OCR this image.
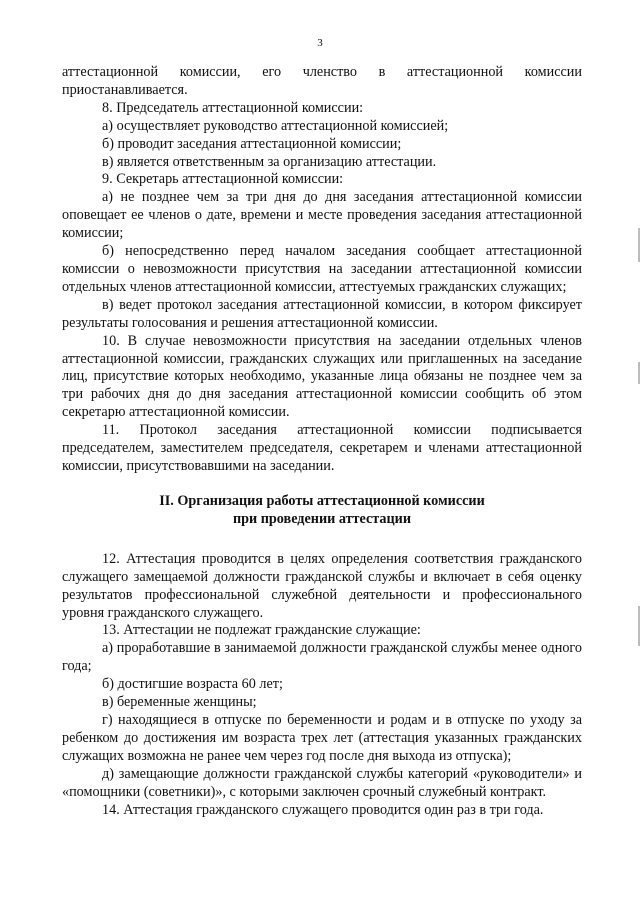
3

аттестационной комиссии, его членство в аттестационной комиссии приостанавливается.

8. Председатель аттестационной комиссии:

а) осуществляет руководство аттестационной комиссией;

б) проводит заседания аттестационной комиссии;

в) является ответственным за организацию аттестации.

9. Секретарь аттестационной комиссии:

а) не позднее чем за три дня до дня заседания аттестационной комиссии оповещает ее членов о дате, времени и месте проведения заседания аттестационной комиссии;

б) непосредственно перед началом заседания сообщает аттестационной комиссии о невозможности присутствия на заседании аттестационной комиссии отдельных членов аттестационной комиссии, аттестуемых гражданских служащих;

в) ведет протокол заседания аттестационной комиссии, в котором фиксирует результаты голосования и решения аттестационной комиссии.

10. В случае невозможности присутствия на заседании отдельных членов аттестационной комиссии, гражданских служащих или приглашенных на заседание лиц, присутствие которых необходимо, указанные лица обязаны не позднее чем за три рабочих дня до дня заседания аттестационной комиссии сообщить об этом секретарю аттестационной комиссии.

11. Протокол заседания аттестационной комиссии подписывается председателем, заместителем председателя, секретарем и членами аттестационной комиссии, присутствовавшими на заседании.

II. Организация работы аттестационной комиссии
при проведении аттестации

12. Аттестация проводится в целях определения соответствия гражданского служащего замещаемой должности гражданской службы и включает в себя оценку результатов профессиональной служебной деятельности и профессионального уровня гражданского служащего.

13. Аттестации не подлежат гражданские служащие:

а) проработавшие в занимаемой должности гражданской службы менее одного года;

б) достигшие возраста 60 лет;

в) беременные женщины;

г) находящиеся в отпуске по беременности и родам и в отпуске по уходу за ребенком до достижения им возраста трех лет (аттестация указанных гражданских служащих возможна не ранее чем через год после дня выхода из отпуска);

д) замещающие должности гражданской службы категорий «руководители» и «помощники (советники)», с которыми заключен срочный служебный контракт.

14. Аттестация гражданского служащего проводится один раз в три года.
